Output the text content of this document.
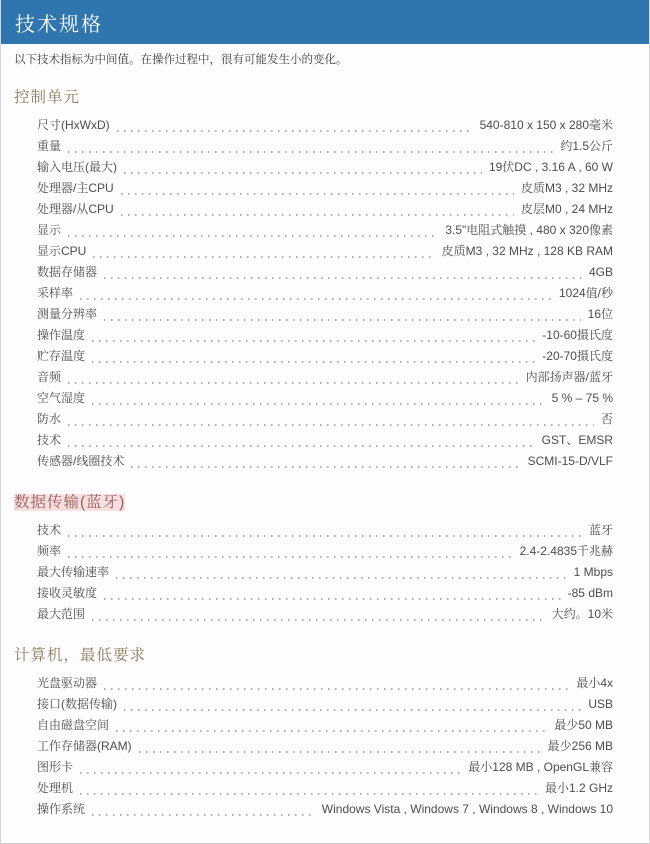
技术规格

以下技术指标为中间值。在操作过程中，很有可能发生小的变化。

控制单元
尺寸(HxWxD)	540-810 x 150 x 280毫米
重量	约1.5公斤
输入电压(最大)	19伏DC , 3.16 A , 60 W
处理器/主CPU	皮质M3 , 32 MHz
处理器/从CPU	皮层M0 , 24 MHz
显示	3.5"电阻式触摸 , 480 x 320像素
显示CPU	皮质M3 , 32 MHz , 128 KB RAM
数据存储器	4GB
采样率	1024值/秒
测量分辨率	16位
操作温度	-10-60摄氏度
贮存温度	-20-70摄氏度
音频	内部扬声器/蓝牙
空气湿度	5 % – 75 %
防水	否
技术	GST、EMSR
传感器/线圈技术	SCMI-15-D/VLF
数据传输(蓝牙)
技术	蓝牙
频率	2.4-2.4835千兆赫
最大传输速率	1 Mbps
接收灵敏度	-85 dBm
最大范围	大约。10米
计算机，最低要求
光盘驱动器	最小4x
接口(数据传输)	USB
自由磁盘空间	最少50 MB
工作存储器(RAM)	最少256 MB
图形卡	最小128 MB , OpenGL兼容
处理机	最小1.2 GHz
操作系统	Windows Vista , Windows 7 , Windows 8 , Windows 10
